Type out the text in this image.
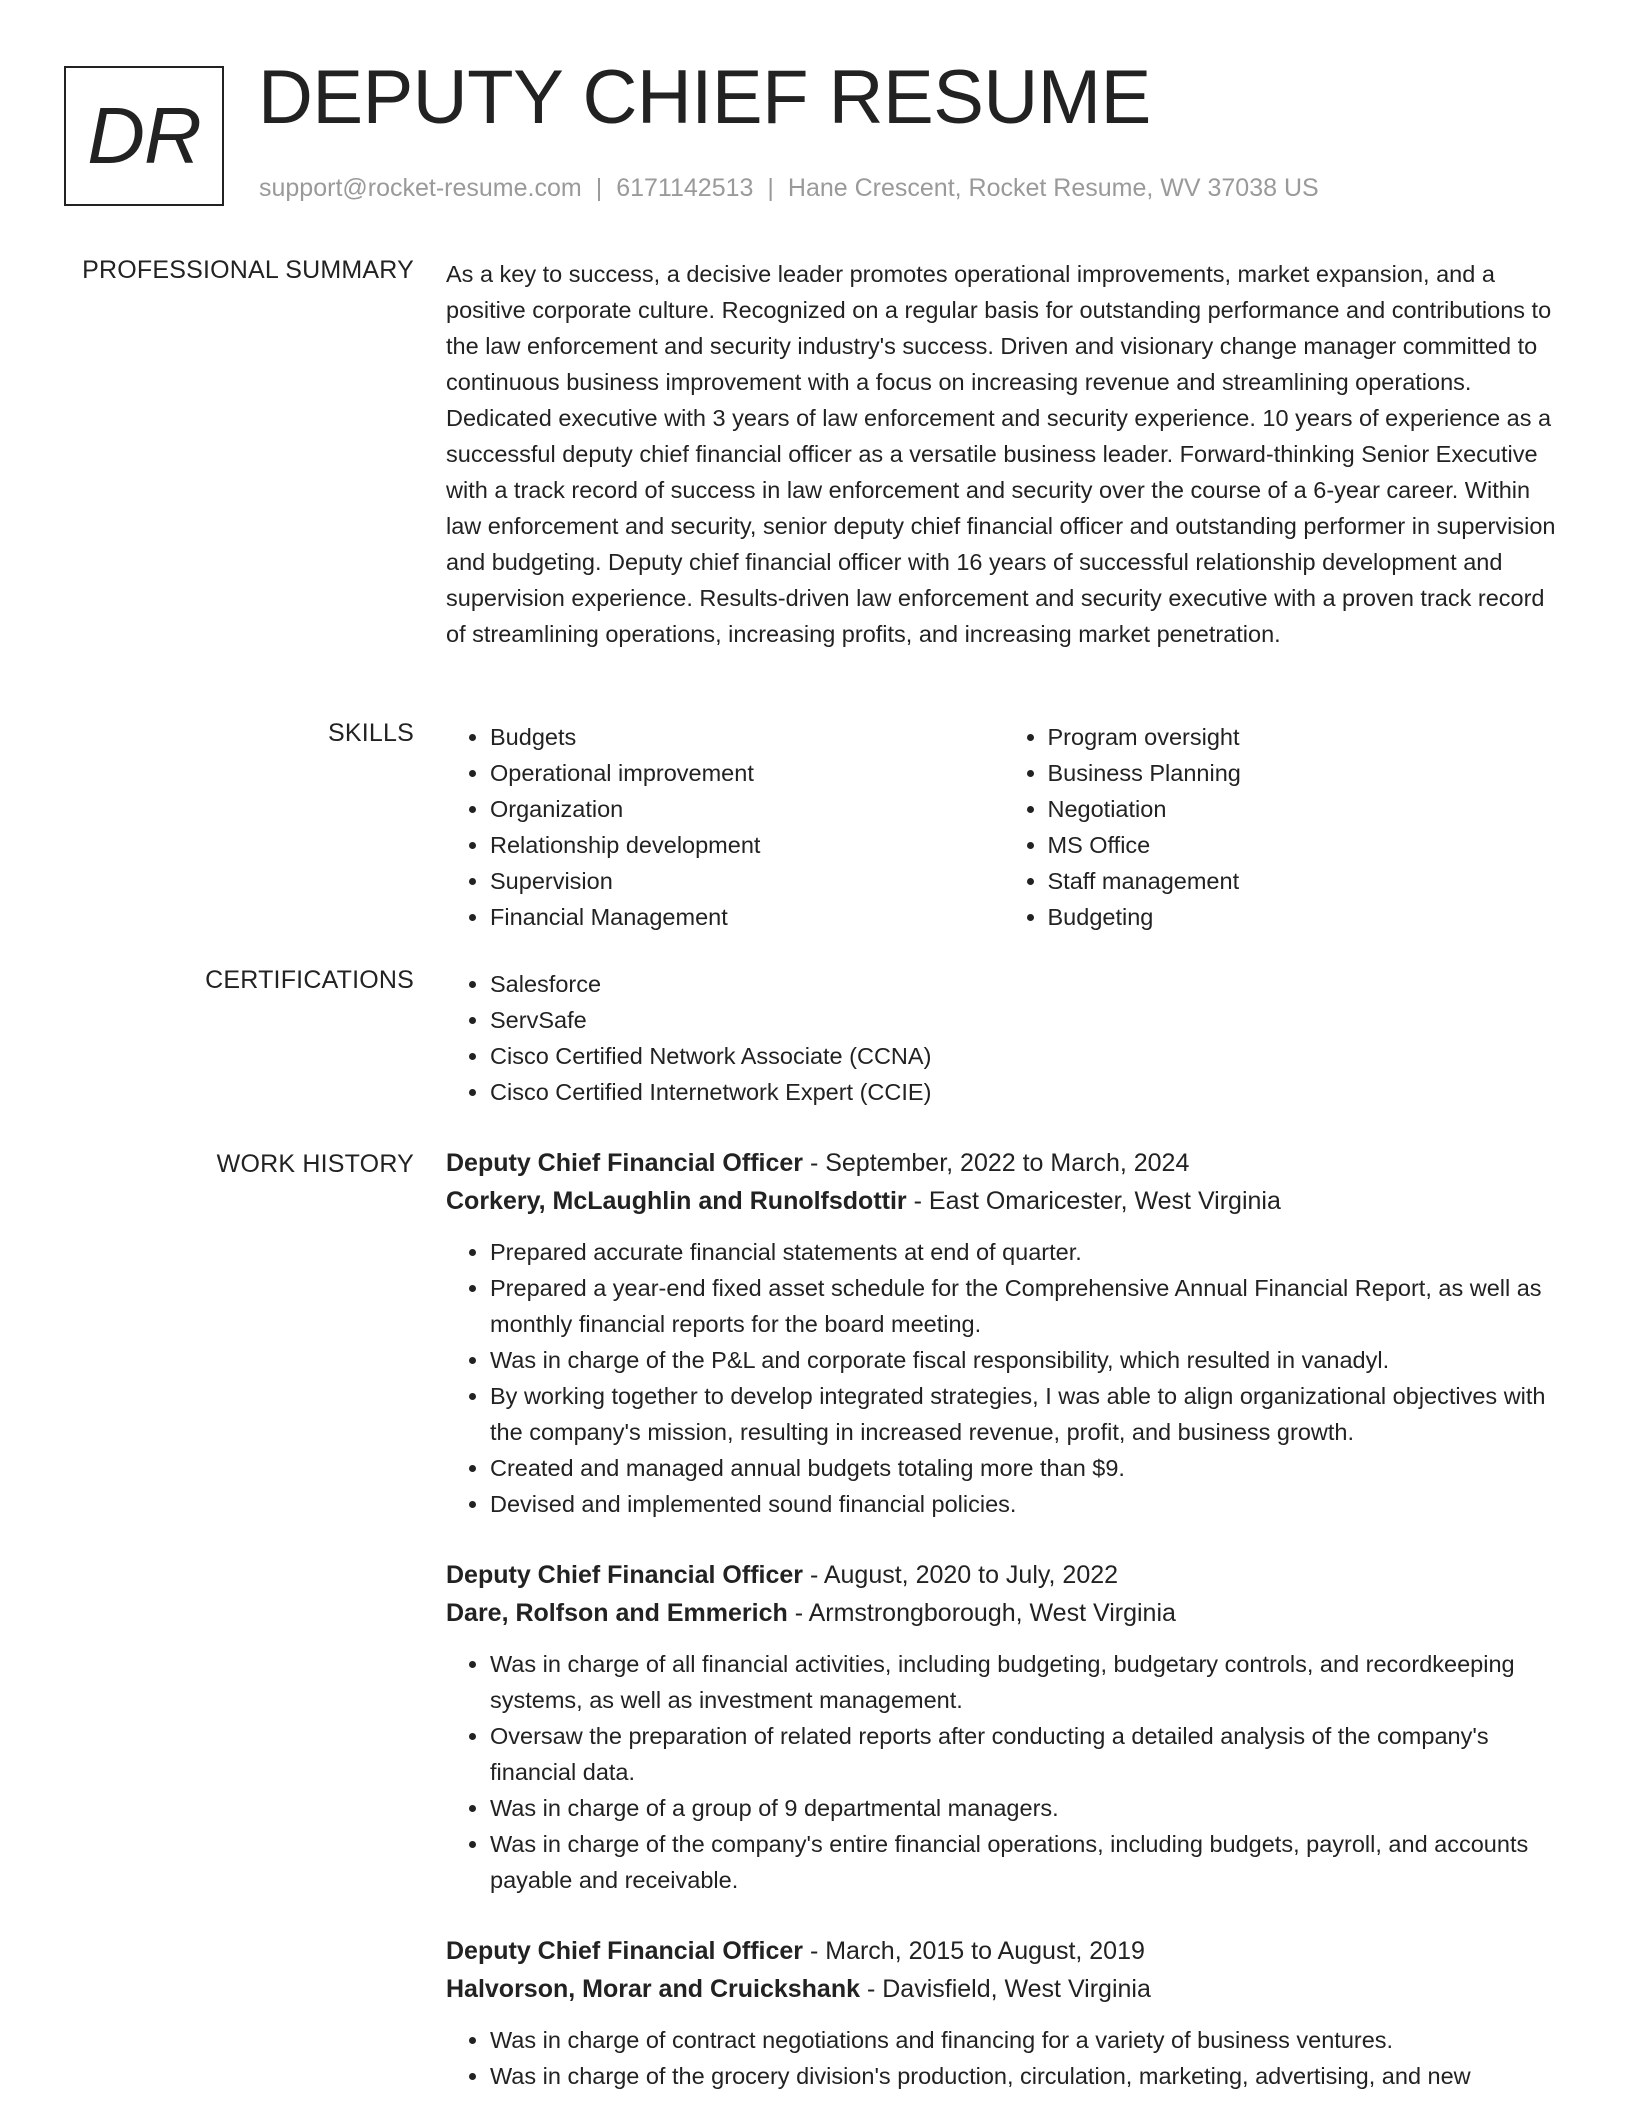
DR DEPUTY CHIEF RESUME
support@rocket-resume.com | 6171142513 | Hane Crescent, Rocket Resume, WV 37038 US
PROFESSIONAL SUMMARY As a key to success, a decisive leader promotes operational improvements, market expansion, and a positive corporate culture. Recognized on a regular basis for outstanding performance and contributions to the law enforcement and security industry's success. Driven and visionary change manager committed to continuous business improvement with a focus on increasing revenue and streamlining operations. Dedicated executive with 3 years of law enforcement and security experience. 10 years of experience as a successful deputy chief financial officer as a versatile business leader. Forward-thinking Senior Executive with a track record of success in law enforcement and security over the course of a 6-year career. Within law enforcement and security, senior deputy chief financial officer and outstanding performer in supervision and budgeting. Deputy chief financial officer with 16 years of successful relationship development and supervision experience. Results-driven law enforcement and security executive with a proven track record of streamlining operations, increasing profits, and increasing market penetration.

SKILLS	• Budgets
• Operational improvement
• Organization
• Relationship development
• Supervision
• Financial Management
• Program oversight
• Business Planning
• Negotiation
• MS Office
• Staff management
• Budgeting
CERTIFICATIONS	• Salesforce
• ServSafe
• Cisco Certified Network Associate (CCNA)
• Cisco Certified Internetwork Expert (CCIE)
WORK HISTORY Deputy Chief Financial Officer - September, 2022 to March, 2024
Corkery, McLaughlin and Runolfsdottir - East Omaricester, West Virginia
• Prepared accurate financial statements at end of quarter.
• Prepared a year-end fixed asset schedule for the Comprehensive Annual Financial Report, as well as monthly financial reports for the board meeting.
• Was in charge of the P&L and corporate fiscal responsibility, which resulted in vanadyl.
• By working together to develop integrated strategies, I was able to align organizational objectives with the company's mission, resulting in increased revenue, profit, and business growth.
• Created and managed annual budgets totaling more than $9.
• Devised and implemented sound financial policies.
Deputy Chief Financial Officer - August, 2020 to July, 2022
Dare, Rolfson and Emmerich - Armstrongborough, West Virginia
• Was in charge of all financial activities, including budgeting, budgetary controls, and recordkeeping systems, as well as investment management.
• Oversaw the preparation of related reports after conducting a detailed analysis of the company's financial data.
• Was in charge of a group of 9 departmental managers.
• Was in charge of the company's entire financial operations, including budgets, payroll, and accounts payable and receivable.
Deputy Chief Financial Officer - March, 2015 to August, 2019
Halvorson, Morar and Cruickshank - Davisfield, West Virginia
• Was in charge of contract negotiations and financing for a variety of business ventures.
• Was in charge of the grocery division's production, circulation, marketing, advertising, and new
